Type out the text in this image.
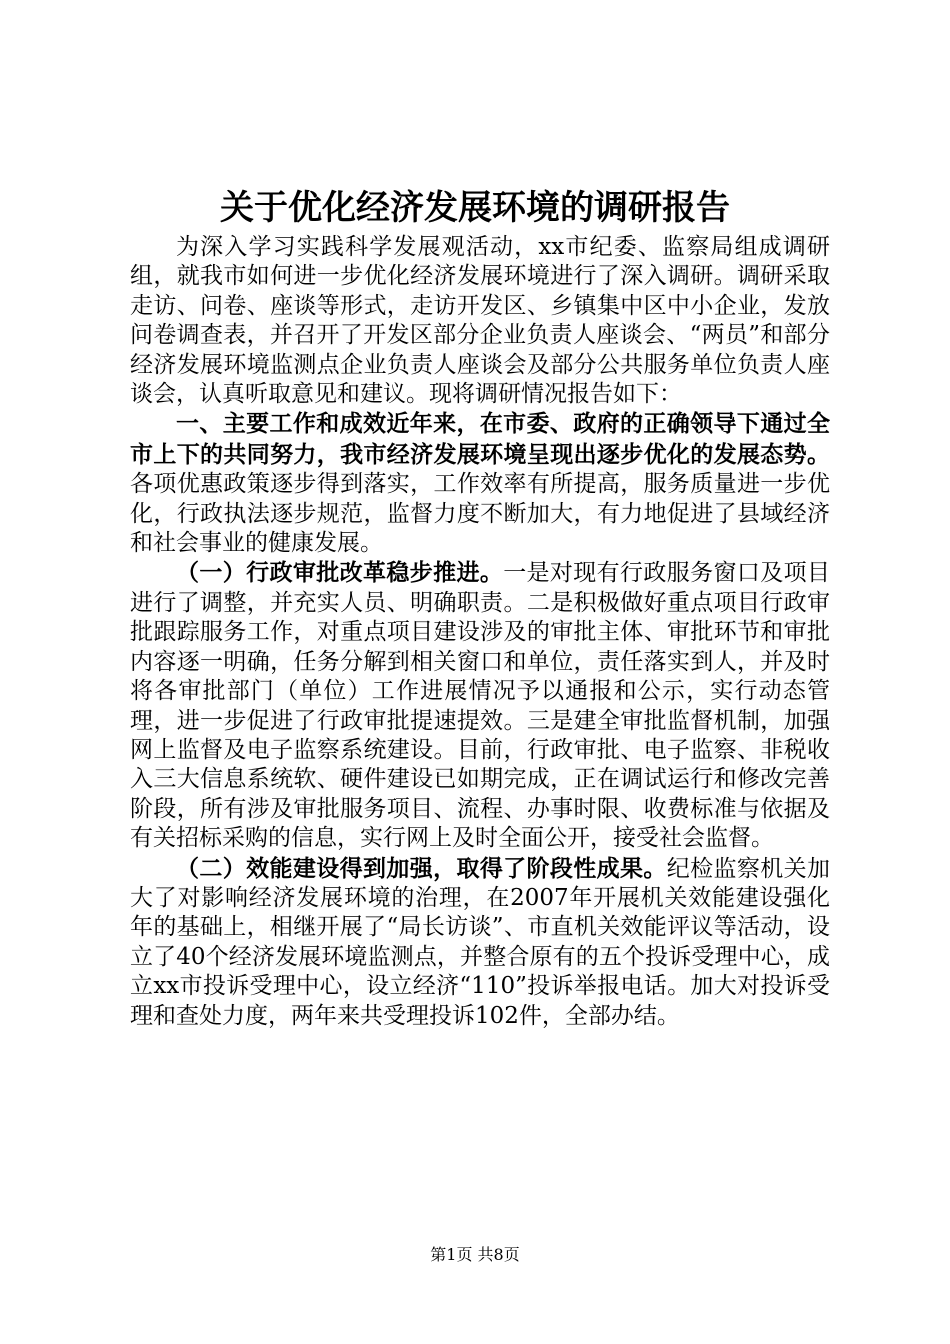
关于优化经济发展环境的调研报告

为深入学习实践科学发展观活动，xx市纪委、监察局组成调研组，就我市如何进一步优化经济发展环境进行了深入调研。调研采取走访、问卷、座谈等形式，走访开发区、乡镇集中区中小企业，发放问卷调查表，并召开了开发区部分企业负责人座谈会、“两员”和部分经济发展环境监测点企业负责人座谈会及部分公共服务单位负责人座谈会，认真听取意见和建议。现将调研情况报告如下：

一、主要工作和成效近年来，在市委、政府的正确领导下通过全市上下的共同努力，我市经济发展环境呈现出逐步优化的发展态势。各项优惠政策逐步得到落实，工作效率有所提高，服务质量进一步优化，行政执法逐步规范，监督力度不断加大，有力地促进了县域经济和社会事业的健康发展。

（一）行政审批改革稳步推进。一是对现有行政服务窗口及项目进行了调整，并充实人员、明确职责。二是积极做好重点项目行政审批跟踪服务工作，对重点项目建设涉及的审批主体、审批环节和审批内容逐一明确，任务分解到相关窗口和单位，责任落实到人，并及时将各审批部门（单位）工作进展情况予以通报和公示，实行动态管理，进一步促进了行政审批提速提效。三是建全审批监督机制，加强网上监督及电子监察系统建设。目前，行政审批、电子监察、非税收入三大信息系统软、硬件建设已如期完成，正在调试运行和修改完善阶段，所有涉及审批服务项目、流程、办事时限、收费标准与依据及有关招标采购的信息，实行网上及时全面公开，接受社会监督。

（二）效能建设得到加强，取得了阶段性成果。纪检监察机关加大了对影响经济发展环境的治理，在2007年开展机关效能建设强化年的基础上，相继开展了“局长访谈”、市直机关效能评议等活动，设立了40个经济发展环境监测点，并整合原有的五个投诉受理中心，成立xx市投诉受理中心，设立经济“110”投诉举报电话。加大对投诉受理和查处力度，两年来共受理投诉102件，全部办结。

第1页 共8页
